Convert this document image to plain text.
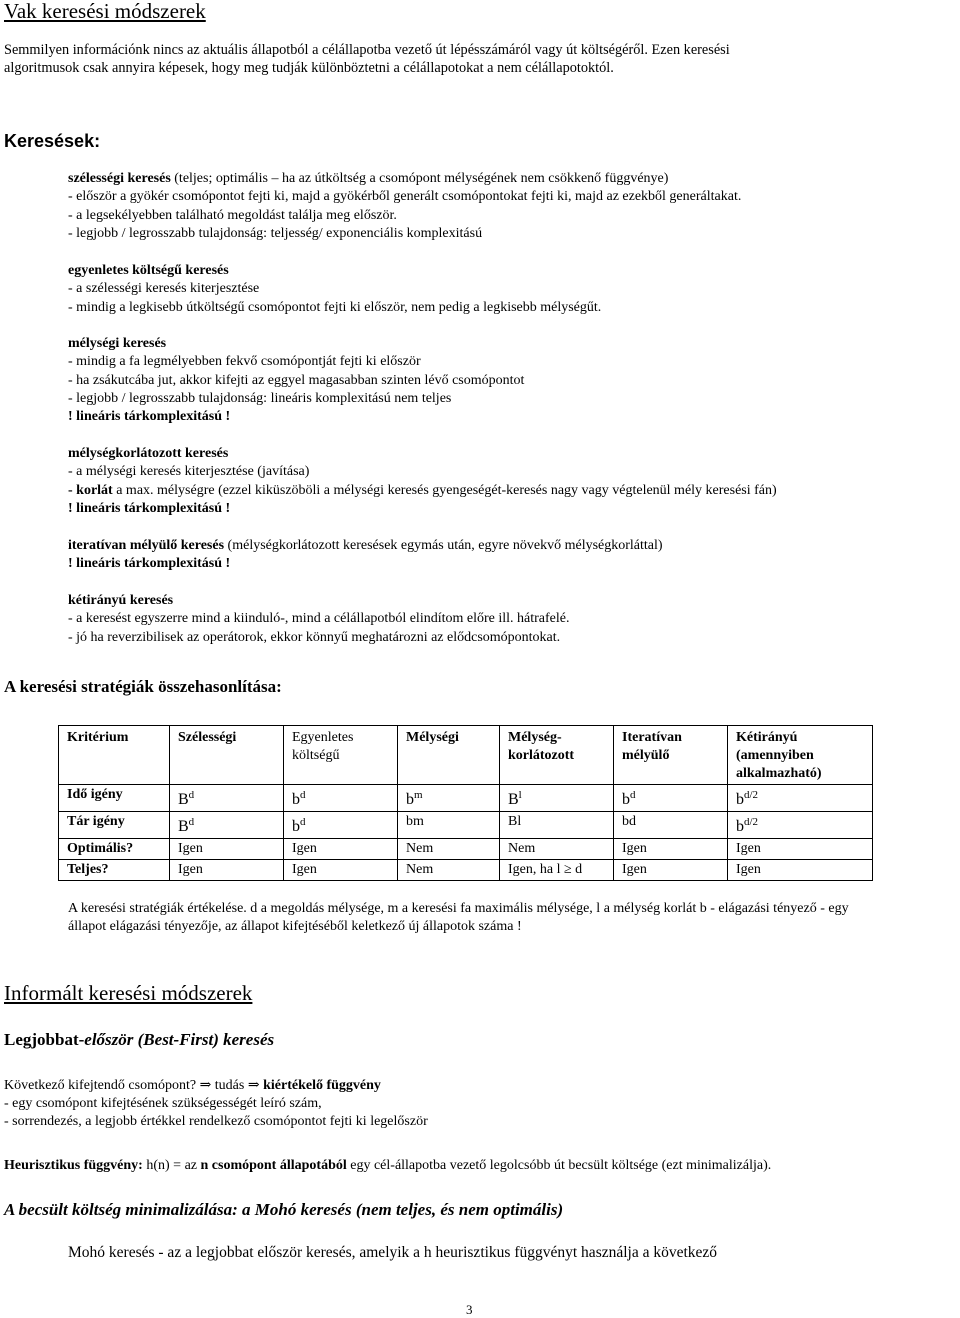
Vak keresési módszerek
Semmilyen információnk nincs az aktuális állapotból a célállapotba vezető út lépésszámáról vagy út költségéről. Ezen keresési
algoritmusok csak annyira képesek, hogy meg tudják különböztetni a célállapotokat a nem célállapotoktól.
Keresések:
szélességi keresés (teljes; optimális – ha az útköltség a csomópont mélységének nem csökkenő függvénye)
- először a gyökér csomópontot fejti ki, majd a gyökérből generált csomópontokat fejti ki, majd az ezekből generáltakat.
- a legsekélyebben található megoldást találja meg először.
- legjobb / legrosszabb tulajdonság: teljesség/ exponenciális komplexitású
egyenletes költségű keresés
- a szélességi keresés kiterjesztése
- mindig a legkisebb útköltségű csomópontot fejti ki először, nem pedig a legkisebb mélységűt.
mélységi keresés
- mindig a fa legmélyebben fekvő csomópontját fejti ki először
- ha zsákutcába jut, akkor kifejti az eggyel magasabban szinten lévő csomópontot
- legjobb / legrosszabb tulajdonság: lineáris komplexitású nem teljes
! lineáris tárkomplexitású !
mélységkorlátozott keresés
- a mélységi keresés kiterjesztése (javítása)
- korlát a max. mélységre (ezzel kiküszöböli a mélységi keresés gyengeségét-keresés nagy vagy végtelenül mély keresési fán)
! lineáris tárkomplexitású !
iteratívan mélyülő keresés (mélységkorlátozott keresések egymás után, egyre növekvő mélységkorláttal)
! lineáris tárkomplexitású !
kétirányú keresés
- a keresést egyszerre mind a kiinduló-, mind a célállapotból elindítom előre ill. hátrafelé.
- jó ha reverzibilisek az operátorok, ekkor könnyű meghatározni az elődcsomópontokat.
A keresési stratégiák összehasonlítása:
Kritérium	Szélességi	Egyenletes költségű	Mélységi	Mélység-korlátozott	Iteratívan mélyülő	Kétirányú (amennyiben alkalmazható)
Idő igény	$B^d$	$b^d$	$b^m$	$B^l$	$b^d$	$b^{d/2}$
Tár igény	$B^d$	$b^d$	bm	Bl	bd	$b^{d/2}$
Optimális?	Igen	Igen	Nem	Nem	Igen	Igen
Teljes?	Igen	Igen	Nem	Igen, ha l ≥ d	Igen	Igen
A keresési stratégiák értékelése. d a megoldás mélysége, m a keresési fa maximális mélysége, l a mélység korlát b - elágazási tényező - egy
állapot elágazási tényezője, az állapot kifejtéséből keletkező új állapotok száma !
Informált keresési módszerek
Legjobbat-először (Best-First) keresés
Következő kifejtendő csomópont? ⇒ tudás ⇒ kiértékelő függvény
- egy csomópont kifejtésének szükségességét leíró szám,
- sorrendezés, a legjobb értékkel rendelkező csomópontot fejti ki legelőször
Heurisztikus függvény: h(n) = az n csomópont állapotából egy cél-állapotba vezető legolcsóbb út becsült költsége (ezt minimalizálja).
A becsült költség minimalizálása: a Mohó keresés (nem teljes, és nem optimális)
Mohó keresés - az a legjobbat először keresés, amelyik a h heurisztikus függvényt használja a következő
3
